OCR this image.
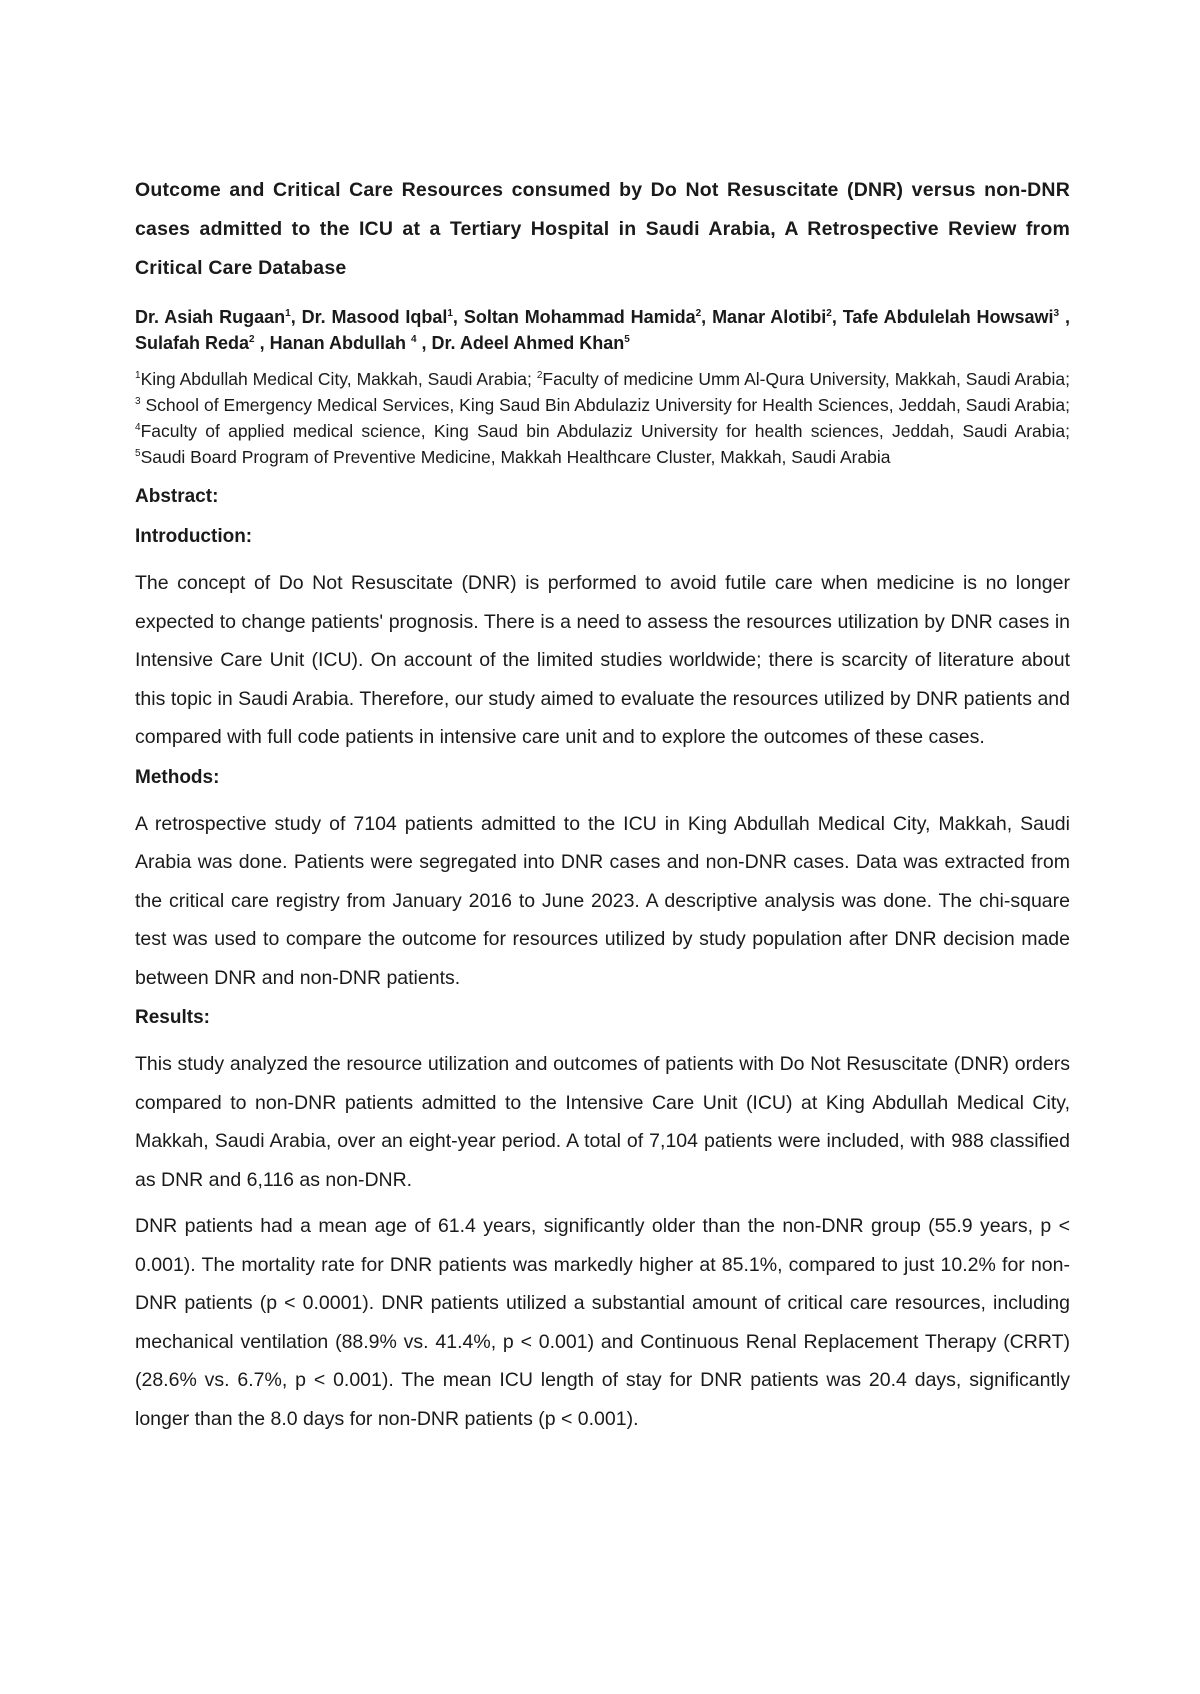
Outcome and Critical Care Resources consumed by Do Not Resuscitate (DNR) versus non-DNR cases admitted to the ICU at a Tertiary Hospital in Saudi Arabia, A Retrospective Review from Critical Care Database

Dr. Asiah Rugaan$^1$, Dr. Masood Iqbal$^1$, Soltan Mohammad Hamida$^2$, Manar Alotibi$^2$, Tafe Abdulelah Howsawi$^3$ , Sulafah Reda$^2$ , Hanan Abdullah $^4$ , Dr. Adeel Ahmed Khan$^5$

$^1$King Abdullah Medical City, Makkah, Saudi Arabia; $^2$Faculty of medicine Umm Al-Qura University, Makkah, Saudi Arabia; $^3$ School of Emergency Medical Services, King Saud Bin Abdulaziz University for Health Sciences, Jeddah, Saudi Arabia; $^4$Faculty of applied medical science, King Saud bin Abdulaziz University for health sciences, Jeddah, Saudi Arabia; $^5$Saudi Board Program of Preventive Medicine, Makkah Healthcare Cluster, Makkah, Saudi Arabia

Abstract:

Introduction:

The concept of Do Not Resuscitate (DNR) is performed to avoid futile care when medicine is no longer expected to change patients' prognosis. There is a need to assess the resources utilization by DNR cases in Intensive Care Unit (ICU). On account of the limited studies worldwide; there is scarcity of literature about this topic in Saudi Arabia. Therefore, our study aimed to evaluate the resources utilized by DNR patients and compared with full code patients in intensive care unit and to explore the outcomes of these cases.

Methods:

A retrospective study of 7104 patients admitted to the ICU in King Abdullah Medical City, Makkah, Saudi Arabia was done. Patients were segregated into DNR cases and non-DNR cases. Data was extracted from the critical care registry from January 2016 to June 2023. A descriptive analysis was done. The chi-square test was used to compare the outcome for resources utilized by study population after DNR decision made between DNR and non-DNR patients.

Results:

This study analyzed the resource utilization and outcomes of patients with Do Not Resuscitate (DNR) orders compared to non-DNR patients admitted to the Intensive Care Unit (ICU) at King Abdullah Medical City, Makkah, Saudi Arabia, over an eight-year period. A total of 7,104 patients were included, with 988 classified as DNR and 6,116 as non-DNR.

DNR patients had a mean age of 61.4 years, significantly older than the non-DNR group (55.9 years, p < 0.001). The mortality rate for DNR patients was markedly higher at 85.1%, compared to just 10.2% for non-DNR patients (p < 0.0001). DNR patients utilized a substantial amount of critical care resources, including mechanical ventilation (88.9% vs. 41.4%, p < 0.001) and Continuous Renal Replacement Therapy (CRRT) (28.6% vs. 6.7%, p < 0.001). The mean ICU length of stay for DNR patients was 20.4 days, significantly longer than the 8.0 days for non-DNR patients (p < 0.001).
